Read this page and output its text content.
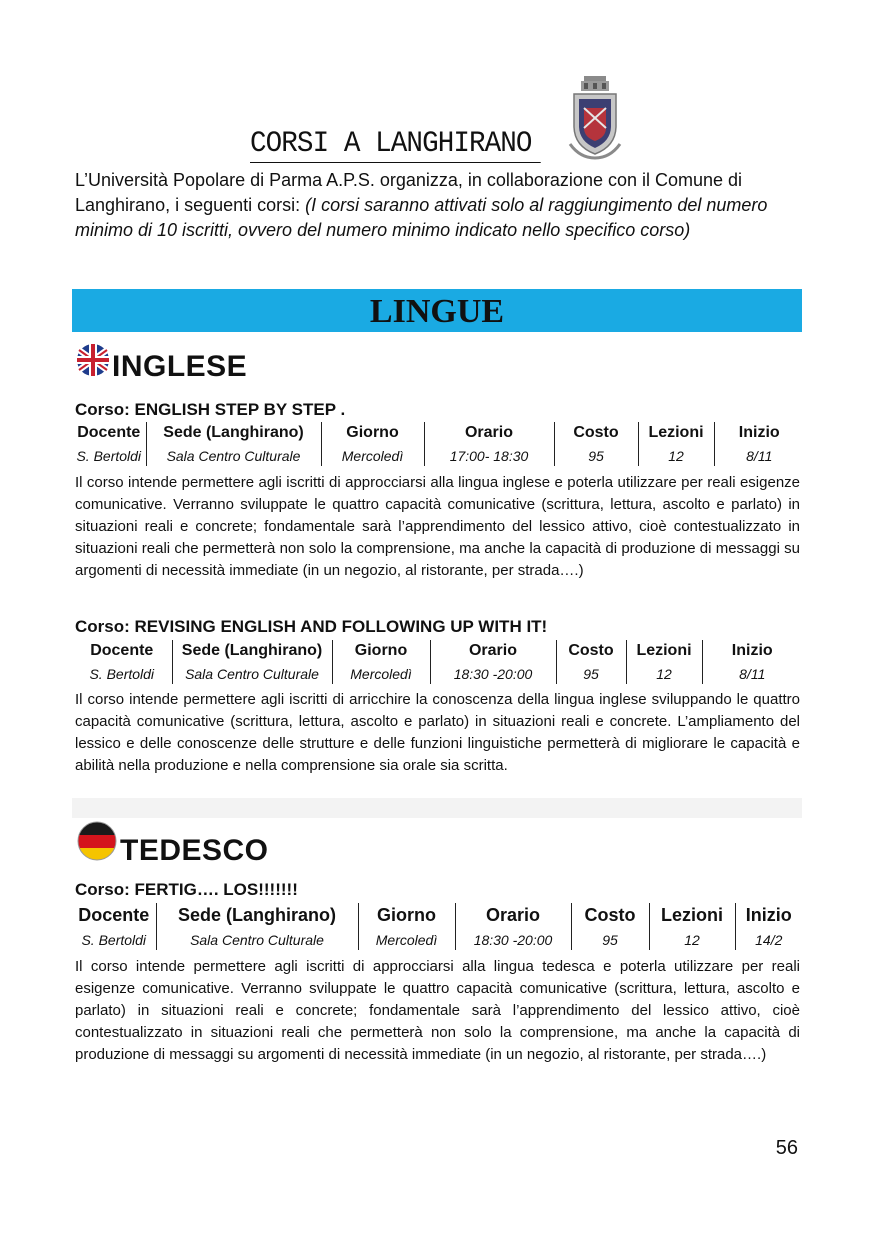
CORSI A LANGHIRANO
L’Università Popolare di Parma A.P.S. organizza, in collaborazione con il Comune di Langhirano, i seguenti corsi: (I corsi saranno attivati solo al raggiungimento del numero minimo di 10 iscritti, ovvero del numero minimo indicato nello specifico corso)
LINGUE
INGLESE
Corso: ENGLISH STEP BY STEP .
Docente	Sede (Langhirano)	Giorno	Orario	Costo	Lezioni	Inizio
S. Bertoldi	Sala Centro Culturale	Mercoledì	17:00- 18:30	95	12	8/11
Il corso intende permettere agli iscritti di approcciarsi alla lingua inglese e poterla utilizzare per reali esigenze comunicative. Verranno sviluppate le quattro capacità comunicative (scrittura, lettura, ascolto e parlato) in situazioni reali e concrete; fondamentale sarà l’apprendimento del lessico attivo, cioè contestualizzato in situazioni reali che permetterà non solo la comprensione, ma anche la capacità di produzione di messaggi su argomenti di necessità immediate (in un negozio, al ristorante, per strada….)
Corso: REVISING ENGLISH AND FOLLOWING UP WITH IT!
Docente	Sede (Langhirano)	Giorno	Orario	Costo	Lezioni	Inizio
S. Bertoldi	Sala Centro Culturale	Mercoledì	18:30 -20:00	95	12	8/11
Il corso intende permettere agli iscritti di arricchire la conoscenza della lingua inglese sviluppando le quattro capacità comunicative (scrittura, lettura, ascolto e parlato) in situazioni reali e concrete. L’ampliamento del lessico e delle conoscenze delle strutture e delle funzioni linguistiche permetterà di migliorare le capacità e abilità nella produzione e nella comprensione sia orale sia scritta.
TEDESCO
Corso: FERTIG…. LOS!!!!!!!
Docente	Sede (Langhirano)	Giorno	Orario	Costo	Lezioni	Inizio
S. Bertoldi	Sala Centro Culturale	Mercoledì	18:30 -20:00	95	12	14/2
Il corso intende permettere agli iscritti di approcciarsi alla lingua tedesca e poterla utilizzare per reali esigenze comunicative. Verranno sviluppate le quattro capacità comunicative (scrittura, lettura, ascolto e parlato) in situazioni reali e concrete; fondamentale sarà l’apprendimento del lessico attivo, cioè contestualizzato in situazioni reali che permetterà non solo la comprensione, ma anche la capacità di produzione di messaggi su argomenti di necessità immediate (in un negozio, al ristorante, per strada….)
56
